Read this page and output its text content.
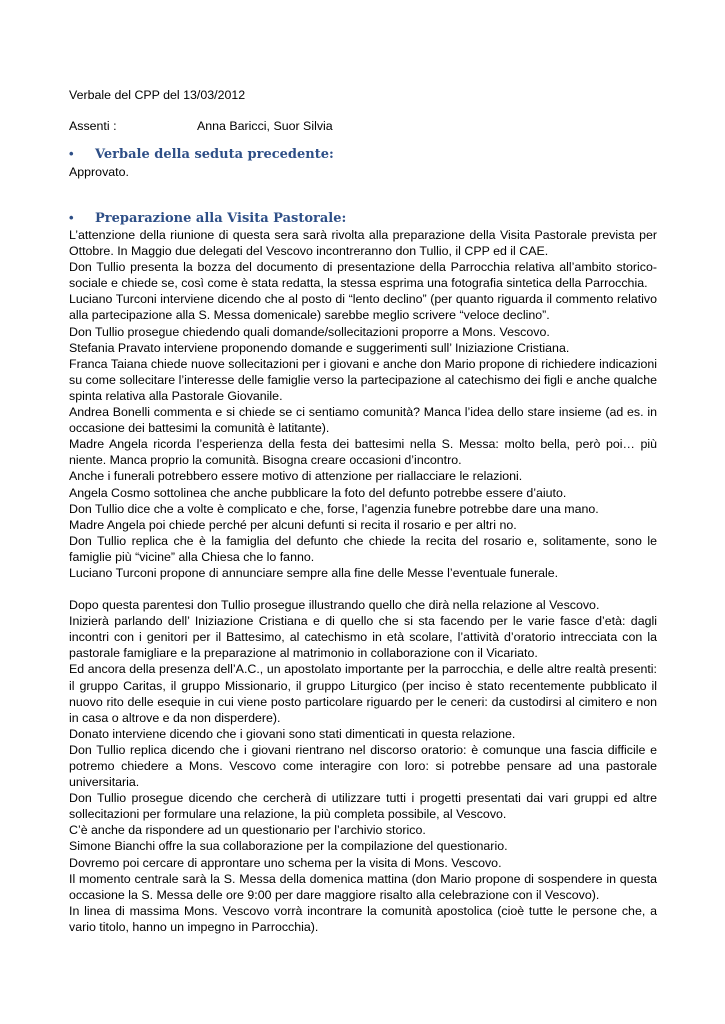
Verbale del CPP del 13/03/2012
Assenti :	Anna Baricci, Suor Silvia
• Verbale della seduta precedente:
Approvato.
• Preparazione alla Visita Pastorale:

L’attenzione della riunione di questa sera sarà rivolta alla preparazione della Visita Pastorale prevista per Ottobre. In Maggio due delegati del Vescovo incontreranno don Tullio, il CPP ed il CAE.

Don Tullio presenta la bozza del documento di presentazione della Parrocchia relativa all’ambito storico-sociale e chiede se, così come è stata redatta, la stessa esprima una fotografia sintetica della Parrocchia.

Luciano Turconi interviene dicendo che al posto di “lento declino” (per quanto riguarda il commento relativo alla partecipazione alla S. Messa domenicale) sarebbe meglio scrivere “veloce declino”.

Don Tullio prosegue chiedendo quali domande/sollecitazioni proporre a Mons. Vescovo.

Stefania Pravato interviene proponendo domande e suggerimenti sull’ Iniziazione Cristiana.

Franca Taiana chiede nuove sollecitazioni per i giovani e anche don Mario propone di richiedere indicazioni su come sollecitare l’interesse delle famiglie verso la partecipazione al catechismo dei figli e anche qualche spinta relativa alla Pastorale Giovanile.

Andrea Bonelli commenta e si chiede se ci sentiamo comunità? Manca l’idea dello stare insieme (ad es. in occasione dei battesimi la comunità è latitante).

Madre Angela ricorda l’esperienza della festa dei battesimi nella S. Messa: molto bella, però poi… più niente. Manca proprio la comunità. Bisogna creare occasioni d’incontro.

Anche i funerali potrebbero essere motivo di attenzione per riallacciare le relazioni.

Angela Cosmo sottolinea che anche pubblicare la foto del defunto potrebbe essere d’aiuto.

Don Tullio dice che a volte è complicato e che, forse, l’agenzia funebre potrebbe dare una mano.

Madre Angela poi chiede perché per alcuni defunti si recita il rosario e per altri no.

Don Tullio replica che è la famiglia del defunto che chiede la recita del rosario e, solitamente, sono le famiglie più “vicine” alla Chiesa che lo fanno.

Luciano Turconi propone di annunciare sempre alla fine delle Messe l’eventuale funerale.

Dopo questa parentesi don Tullio prosegue illustrando quello che dirà nella relazione al Vescovo.

Inizierà parlando dell’ Iniziazione Cristiana e di quello che si sta facendo per le varie fasce d’età: dagli incontri con i genitori per il Battesimo, al catechismo in età scolare, l’attività d’oratorio intrecciata con la pastorale famigliare e la preparazione al matrimonio in collaborazione con il Vicariato.

Ed ancora della presenza dell’A.C., un apostolato importante per la parrocchia, e delle altre realtà presenti: il gruppo Caritas, il gruppo Missionario, il gruppo Liturgico (per inciso è stato recentemente pubblicato il nuovo rito delle esequie in cui viene posto particolare riguardo per le ceneri: da custodirsi al cimitero e non in casa o altrove e da non disperdere).

Donato interviene dicendo che i giovani sono stati dimenticati in questa relazione.

Don Tullio replica dicendo che i giovani rientrano nel discorso oratorio: è comunque una fascia difficile e potremo chiedere a Mons. Vescovo come interagire con loro: si potrebbe pensare ad una pastorale universitaria.

Don Tullio prosegue dicendo che cercherà di utilizzare tutti i progetti presentati dai vari gruppi ed altre sollecitazioni per formulare una relazione, la più completa possibile, al Vescovo.

C’è anche da rispondere ad un questionario per l’archivio storico.

Simone Bianchi offre la sua collaborazione per la compilazione del questionario.

Dovremo poi cercare di approntare uno schema per la visita di Mons. Vescovo.

Il momento centrale sarà la S. Messa della domenica mattina (don Mario propone di sospendere in questa occasione la S. Messa delle ore 9:00 per dare maggiore risalto alla celebrazione con il Vescovo).

In linea di massima Mons. Vescovo vorrà incontrare la comunità apostolica (cioè tutte le persone che, a vario titolo, hanno un impegno in Parrocchia).
